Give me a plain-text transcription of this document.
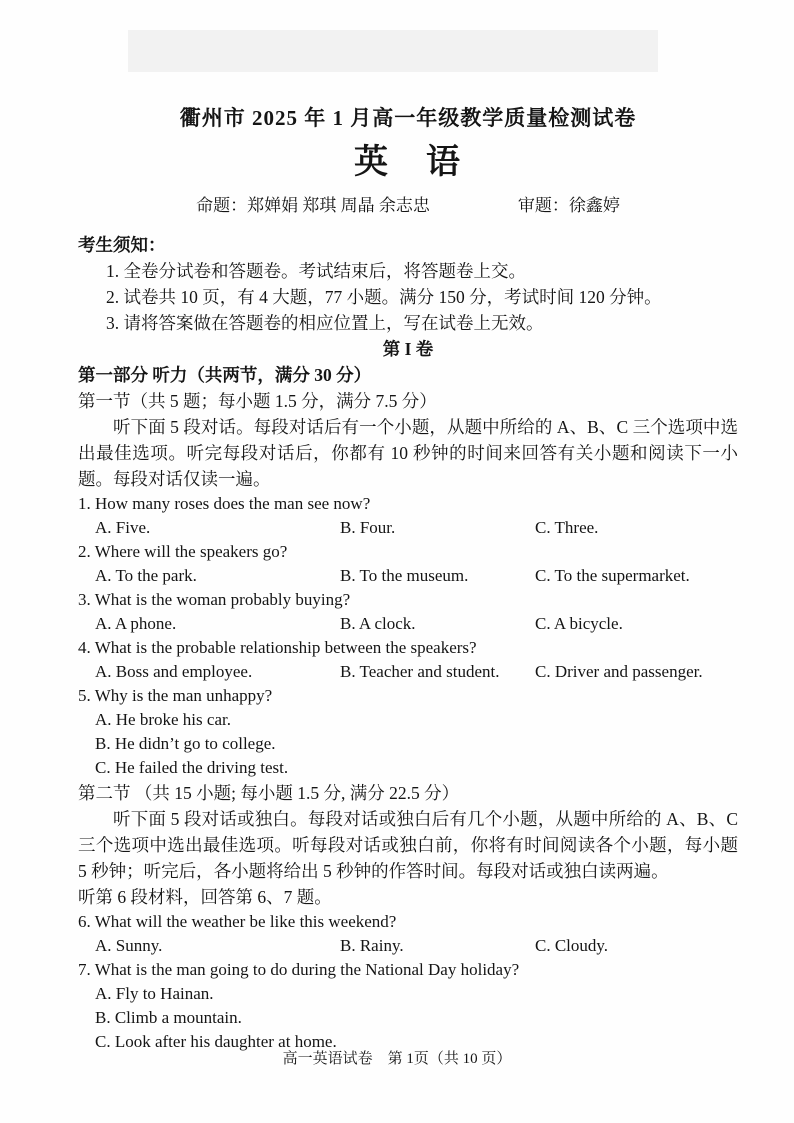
衢州市 2025 年 1 月高一年级教学质量检测试卷
英　语
命题：郑婵娟 郑琪 周晶 余志忠	审题：徐鑫婷
考生须知：
1. 全卷分试卷和答题卷。考试结束后，将答题卷上交。
2. 试卷共 10 页，有 4 大题，77 小题。满分 150 分，考试时间 120 分钟。
3. 请将答案做在答题卷的相应位置上，写在试卷上无效。
第 I 卷
第一部分 听力（共两节，满分 30 分）
第一节（共 5 题；每小题 1.5 分，满分 7.5 分）
听下面 5 段对话。每段对话后有一个小题，从题中所给的 A、B、C 三个选项中选出最佳选项。听完每段对话后，你都有 10 秒钟的时间来回答有关小题和阅读下一小题。每段对话仅读一遍。
1. How many roses does the man see now?
A. Five.	B. Four.	C. Three.
2. Where will the speakers go?
A. To the park.	B. To the museum.	C. To the supermarket.
3. What is the woman probably buying?
A. A phone.	B. A clock.	C. A bicycle.
4. What is the probable relationship between the speakers?
A. Boss and employee.	B. Teacher and student.	C. Driver and passenger.
5. Why is the man unhappy?
A. He broke his car.
B. He didn’t go to college.
C. He failed the driving test.
第二节 （共 15 小题; 每小题 1.5 分, 满分 22.5 分）
听下面 5 段对话或独白。每段对话或独白后有几个小题，从题中所给的 A、B、C 三个选项中选出最佳选项。听每段对话或独白前，你将有时间阅读各个小题，每小题 5 秒钟；听完后，各小题将给出 5 秒钟的作答时间。每段对话或独白读两遍。
听第 6 段材料，回答第 6、7 题。
6. What will the weather be like this weekend?
A. Sunny.	B. Rainy.	C. Cloudy.
7. What is the man going to do during the National Day holiday?
A. Fly to Hainan.
B. Climb a mountain.
C. Look after his daughter at home.
高一英语试卷　第 1页（共 10 页）
